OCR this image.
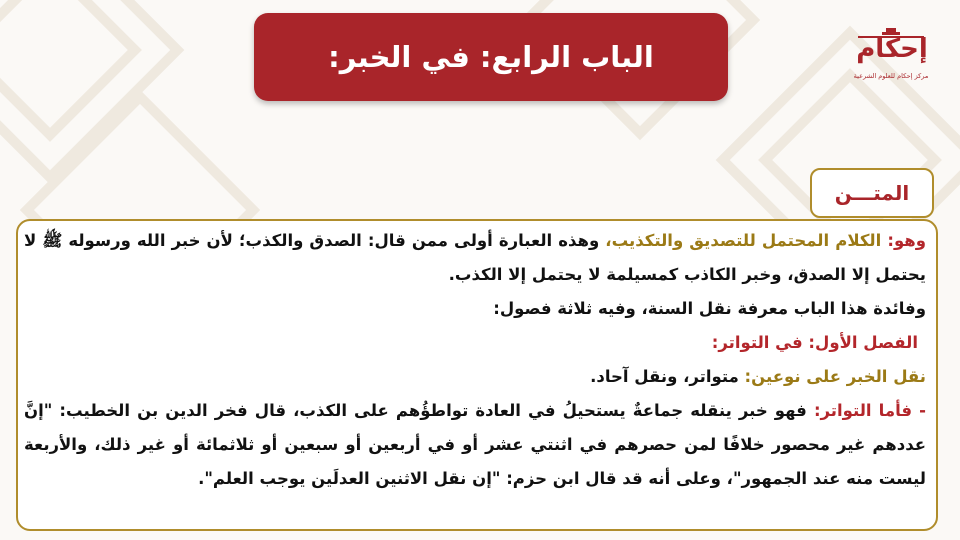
الباب الرابع: في الخبر:	إحكام
مركز إحكام للعلوم الشرعية
المتـــن

وهو: الكلام المحتمل للتصديق والتكذيب، وهذه العبارة أولى ممن قال: الصدق والكذب؛ لأن خبر الله ورسوله ﷺ لا يحتمل إلا الصدق، وخبر الكاذب كمسيلمة لا يحتمل إلا الكذب.

وفائدة هذا الباب معرفة نقل السنة، وفيه ثلاثة فصول:

الفصل الأول: في التواتر:

نقل الخبر على نوعين: متواتر، ونقل آحاد.

- فأما التواتر: فهو خبر ينقله جماعةٌ يستحيلُ في العادة تواطؤُهم على الكذب، قال فخر الدين بن الخطيب: "إنَّ عددهم غير محصور خلافًا لمن حصرهم في اثنتي عشر أو في أربعين أو سبعين أو ثلاثمائة أو غير ذلك، والأربعة ليست منه عند الجمهور"، وعلى أنه قد قال ابن حزم: "إن نقل الاثنين العدلَين يوجب العلم".
